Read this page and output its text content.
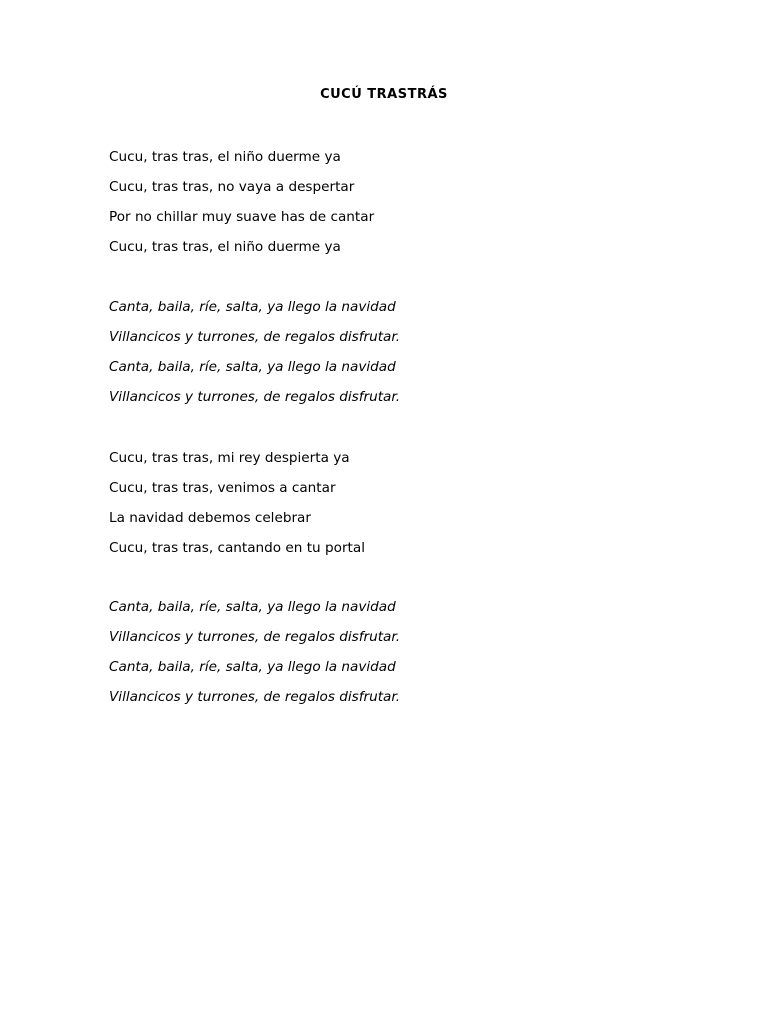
CUCÚ TRASTRÁS
Cucu, tras tras, el niño duerme ya
Cucu, tras tras, no vaya a despertar
Por no chillar muy suave has de cantar
Cucu, tras tras, el niño duerme ya
Canta, baila, ríe, salta, ya llego la navidad
Villancicos y turrones, de regalos disfrutar.
Canta, baila, ríe, salta, ya llego la navidad
Villancicos y turrones, de regalos disfrutar.
Cucu, tras tras, mi rey despierta ya
Cucu, tras tras, venimos a cantar
La navidad debemos celebrar
Cucu, tras tras, cantando en tu portal
Canta, baila, ríe, salta, ya llego la navidad
Villancicos y turrones, de regalos disfrutar.
Canta, baila, ríe, salta, ya llego la navidad
Villancicos y turrones, de regalos disfrutar.
